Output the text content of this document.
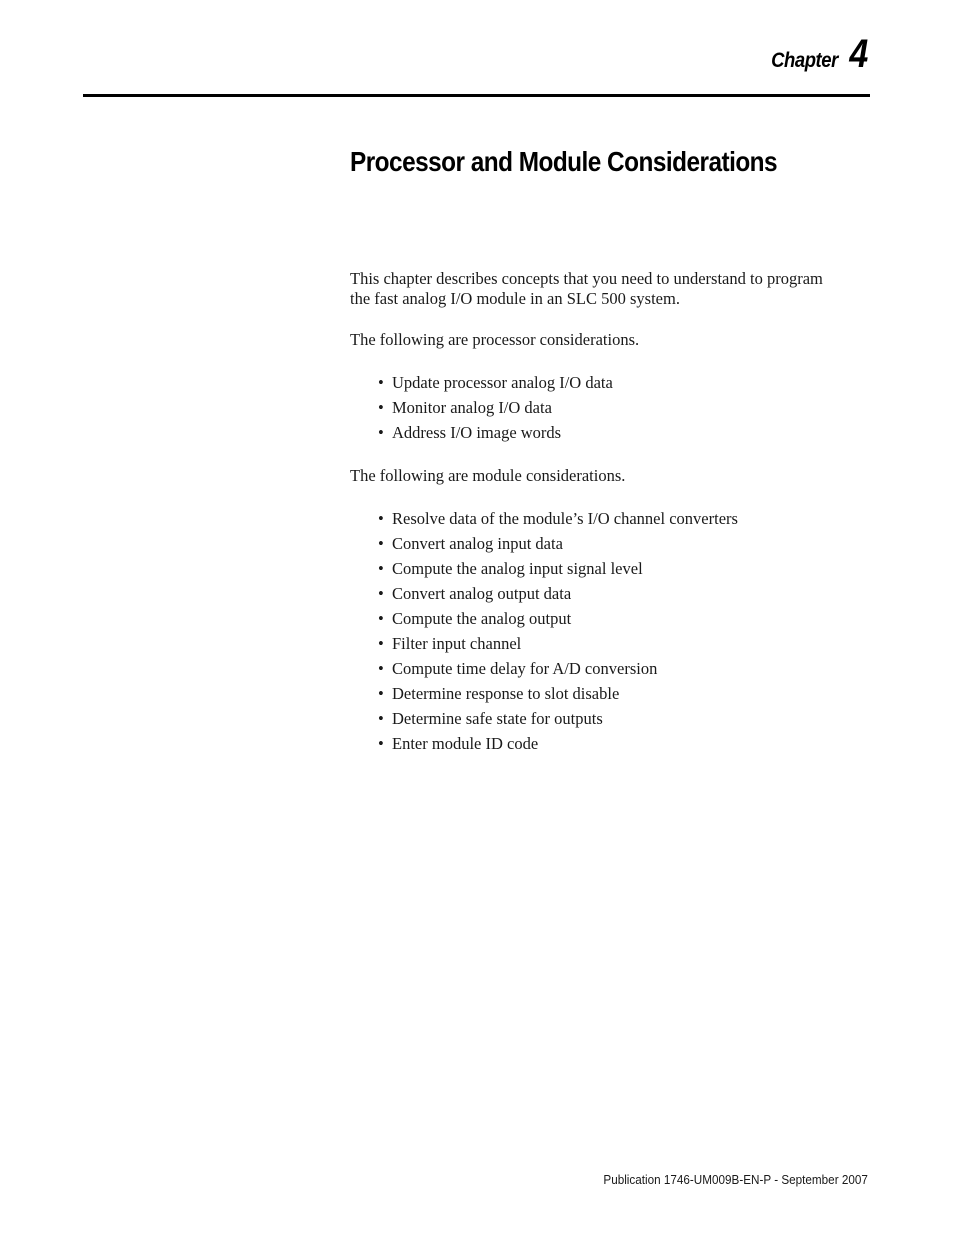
Chapter 4
Processor and Module Considerations

This chapter describes concepts that you need to understand to program the fast analog I/O module in an SLC 500 system.

The following are processor considerations.

• Update processor analog I/O data
• Monitor analog I/O data
• Address I/O image words

The following are module considerations.

• Resolve data of the module’s I/O channel converters
• Convert analog input data
• Compute the analog input signal level
• Convert analog output data
• Compute the analog output
• Filter input channel
• Compute time delay for A/D conversion
• Determine response to slot disable
• Determine safe state for outputs
• Enter module ID code
Publication 1746-UM009B-EN-P - September 2007
